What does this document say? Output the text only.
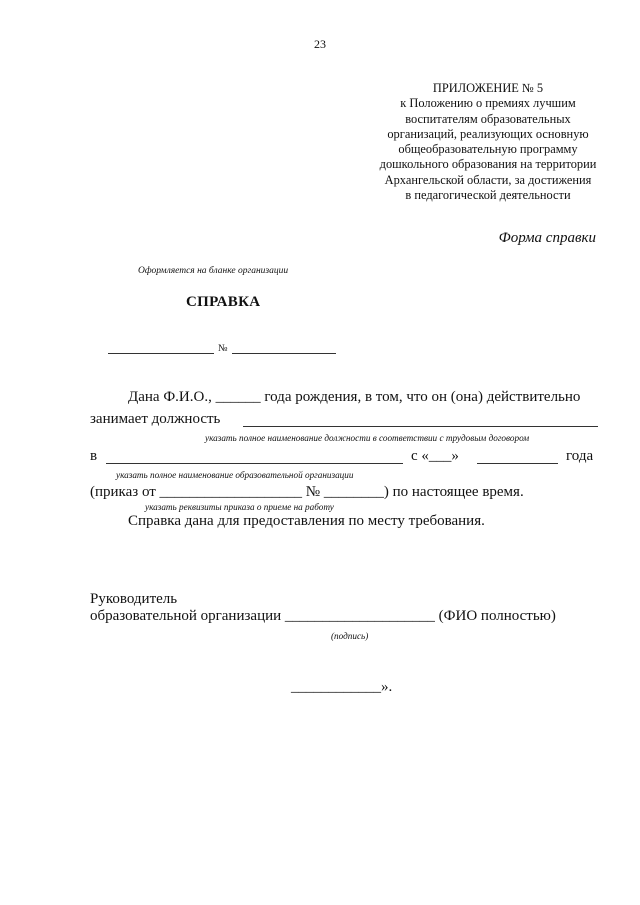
23
ПРИЛОЖЕНИЕ № 5
к Положению о премиях лучшим
воспитателям образовательных
организаций, реализующих основную
общеобразовательную программу
дошкольного образования на территории
Архангельской области, за достижения
в педагогической деятельности
Форма справки
Оформляется на бланке организации
СПРАВКА
№
Дана Ф.И.О., ______ года рождения, в том, что он (она) действительно
занимает должность
указать полное наименование должности в соответствии с трудовым договором
в	с «___»	года
указать полное наименование образовательной организации
(приказ от ___________________ № ________) по настоящее время.
указать реквизиты приказа о приеме на работу
Справка дана для предоставления по месту требования.
Руководитель
образовательной организации ____________________ (ФИО полностью)
(подпись)
____________».
